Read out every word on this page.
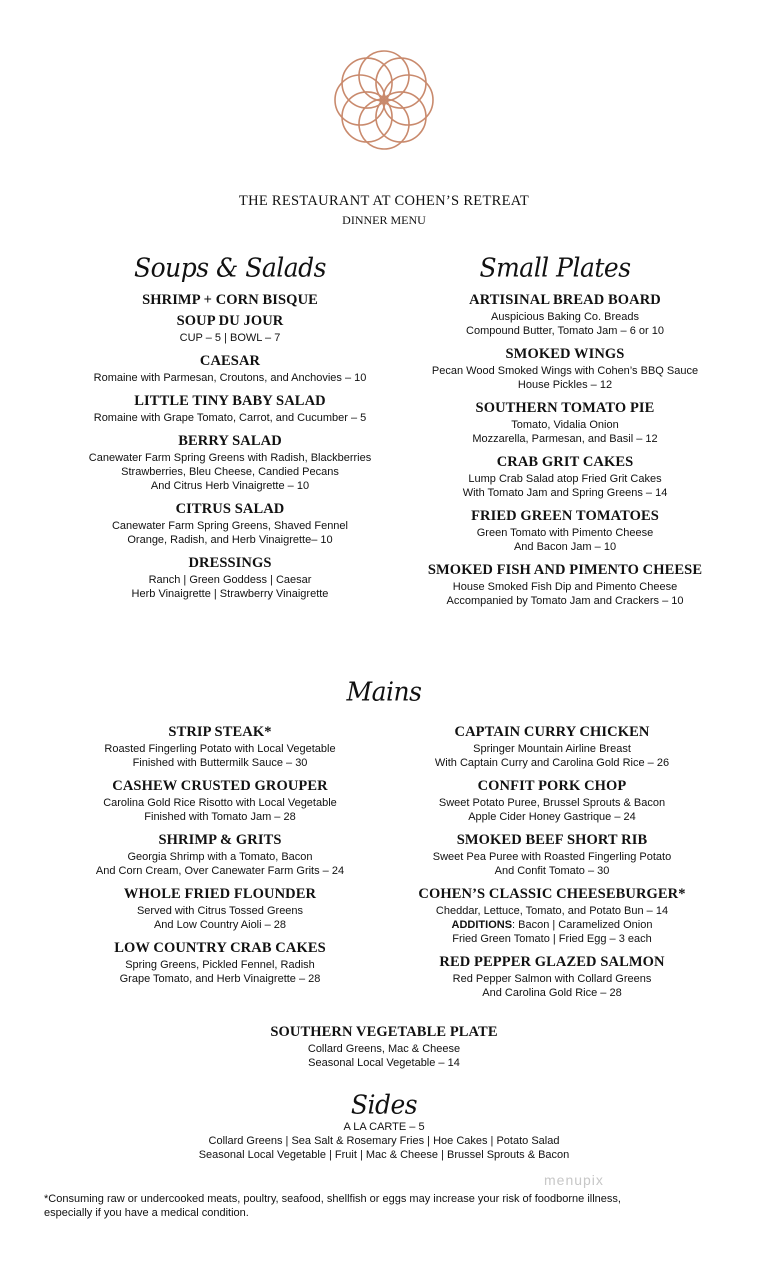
THE RESTAURANT AT COHEN’S RETREAT
DINNER MENU
Soups & Salads	Small Plates
SHRIMP + CORN BISQUE
SOUP DU JOUR
CUP – 5 | BOWL – 7
CAESAR
Romaine with Parmesan, Croutons, and Anchovies – 10
LITTLE TINY BABY SALAD
Romaine with Grape Tomato, Carrot, and Cucumber – 5
BERRY SALAD
Canewater Farm Spring Greens with Radish, Blackberries
Strawberries, Bleu Cheese, Candied Pecans
And Citrus Herb Vinaigrette – 10
CITRUS SALAD
Canewater Farm Spring Greens, Shaved Fennel
Orange, Radish, and Herb Vinaigrette– 10
DRESSINGS
Ranch | Green Goddess | Caesar
Herb Vinaigrette | Strawberry Vinaigrette
ARTISINAL BREAD BOARD
Auspicious Baking Co. Breads
Compound Butter, Tomato Jam – 6 or 10
SMOKED WINGS
Pecan Wood Smoked Wings with Cohen’s BBQ Sauce
House Pickles – 12
SOUTHERN TOMATO PIE
Tomato, Vidalia Onion
Mozzarella, Parmesan, and Basil – 12
CRAB GRIT CAKES
Lump Crab Salad atop Fried Grit Cakes
With Tomato Jam and Spring Greens – 14
FRIED GREEN TOMATOES
Green Tomato with Pimento Cheese
And Bacon Jam – 10
SMOKED FISH AND PIMENTO CHEESE
House Smoked Fish Dip and Pimento Cheese
Accompanied by Tomato Jam and Crackers – 10
Mains
STRIP STEAK*
Roasted Fingerling Potato with Local Vegetable
Finished with Buttermilk Sauce – 30
CASHEW CRUSTED GROUPER
Carolina Gold Rice Risotto with Local Vegetable
Finished with Tomato Jam – 28
SHRIMP & GRITS
Georgia Shrimp with a Tomato, Bacon
And Corn Cream, Over Canewater Farm Grits – 24
WHOLE FRIED FLOUNDER
Served with Citrus Tossed Greens
And Low Country Aioli – 28
LOW COUNTRY CRAB CAKES
Spring Greens, Pickled Fennel, Radish
Grape Tomato, and Herb Vinaigrette – 28
CAPTAIN CURRY CHICKEN
Springer Mountain Airline Breast
With Captain Curry and Carolina Gold Rice – 26
CONFIT PORK CHOP
Sweet Potato Puree, Brussel Sprouts & Bacon
Apple Cider Honey Gastrique – 24
SMOKED BEEF SHORT RIB
Sweet Pea Puree with Roasted Fingerling Potato
And Confit Tomato – 30
COHEN’S CLASSIC CHEESEBURGER*
Cheddar, Lettuce, Tomato, and Potato Bun – 14
ADDITIONS: Bacon | Caramelized Onion
Fried Green Tomato | Fried Egg – 3 each
RED PEPPER GLAZED SALMON
Red Pepper Salmon with Collard Greens
And Carolina Gold Rice – 28
SOUTHERN VEGETABLE PLATE
Collard Greens, Mac & Cheese
Seasonal Local Vegetable – 14
Sides
A LA CARTE – 5
Collard Greens | Sea Salt & Rosemary Fries | Hoe Cakes | Potato Salad
Seasonal Local Vegetable | Fruit | Mac & Cheese | Brussel Sprouts & Bacon
menupix
*Consuming raw or undercooked meats, poultry, seafood, shellfish or eggs may increase your risk of foodborne illness,
especially if you have a medical condition.
